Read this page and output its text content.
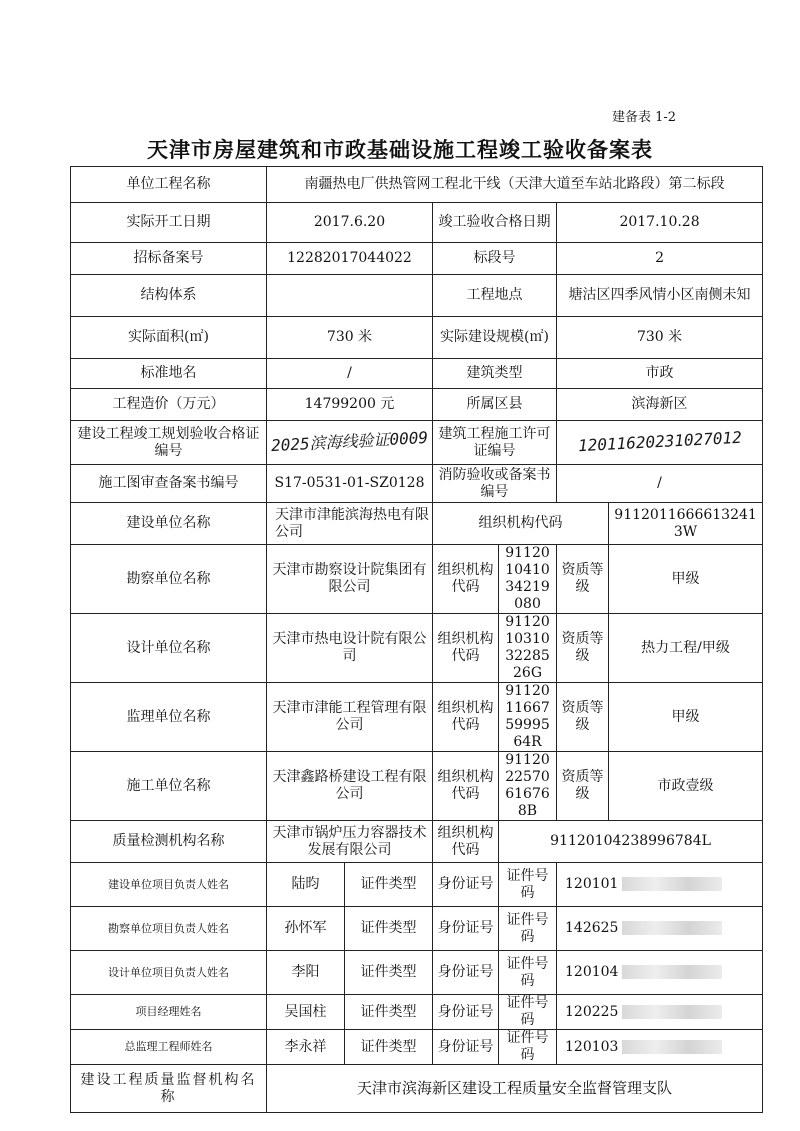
建备表 1-2
天津市房屋建筑和市政基础设施工程竣工验收备案表
单位工程名称	南疆热电厂供热管网工程北干线（天津大道至车站北路段）第二标段					
实际开工日期	2017.6.20		竣工验收合格日期		2017.10.28	
招标备案号	12282017044022		标段号		2	
结构体系			工程地点		塘沽区四季风情小区南侧未知	
实际面积(㎡)	730 米		实际建设规模(㎡)		730 米	
标准地名	/		建筑类型		市政	
工程造价（万元）	14799200 元		所属区县		滨海新区	
建设工程竣工规划验收合格证编号	2025滨海线验证0009		建筑工程施工许可证编号		12011620231027012	
施工图审查备案书编号	S17-0531-01-SZ0128		消防验收或备案书编号		/	
建设单位名称	天津市津能滨海热电有限公司		组织机构代码			91120116666132413W
勘察单位名称	天津市勘察设计院集团有限公司		组织机构代码	911201041034219080	资质等级	甲级
设计单位名称	天津市热电设计院有限公司		组织机构代码	91120103103228526G	资质等级	热力工程/甲级
监理单位名称	天津市津能工程管理有限公司		组织机构代码	91120116675999564R	资质等级	甲级
施工单位名称	天津鑫路桥建设工程有限公司		组织机构代码	9112022570616768B	资质等级	市政壹级
质量检测机构名称	天津市锅炉压力容器技术发展有限公司		组织机构代码	91120104238996784L		
建设单位项目负责人姓名	陆昀	证件类型	身份证号	证件号码	120101	
勘察单位项目负责人姓名	孙怀军	证件类型	身份证号	证件号码	142625	
设计单位项目负责人姓名	李阳	证件类型	身份证号	证件号码	120104	
项目经理姓名	吴国柱	证件类型	身份证号	证件号码	120225	
总监理工程师姓名	李永祥	证件类型	身份证号	证件号码	120103	
建设工程质量监督机构名称	天津市滨海新区建设工程质量安全监督管理支队					
